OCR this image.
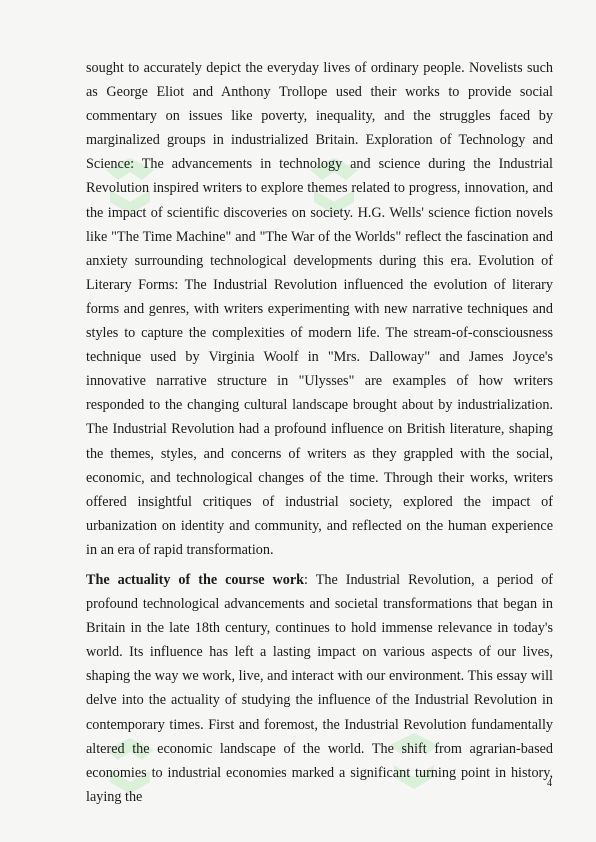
sought to accurately depict the everyday lives of ordinary people. Novelists such as George Eliot and Anthony Trollope used their works to provide social commentary on issues like poverty, inequality, and the struggles faced by marginalized groups in industrialized Britain. Exploration of Technology and Science: The advancements in technology and science during the Industrial Revolution inspired writers to explore themes related to progress, innovation, and the impact of scientific discoveries on society. H.G. Wells' science fiction novels like "The Time Machine" and "The War of the Worlds" reflect the fascination and anxiety surrounding technological developments during this era. Evolution of Literary Forms: The Industrial Revolution influenced the evolution of literary forms and genres, with writers experimenting with new narrative techniques and styles to capture the complexities of modern life. The stream-of-consciousness technique used by Virginia Woolf in "Mrs. Dalloway" and James Joyce's innovative narrative structure in "Ulysses" are examples of how writers responded to the changing cultural landscape brought about by industrialization. The Industrial Revolution had a profound influence on British literature, shaping the themes, styles, and concerns of writers as they grappled with the social, economic, and technological changes of the time. Through their works, writers offered insightful critiques of industrial society, explored the impact of urbanization on identity and community, and reflected on the human experience in an era of rapid transformation.

The actuality of the course work: The Industrial Revolution, a period of profound technological advancements and societal transformations that began in Britain in the late 18th century, continues to hold immense relevance in today's world. Its influence has left a lasting impact on various aspects of our lives, shaping the way we work, live, and interact with our environment. This essay will delve into the actuality of studying the influence of the Industrial Revolution in contemporary times. First and foremost, the Industrial Revolution fundamentally altered the economic landscape of the world. The shift from agrarian-based economies to industrial economies marked a significant turning point in history, laying the

4
